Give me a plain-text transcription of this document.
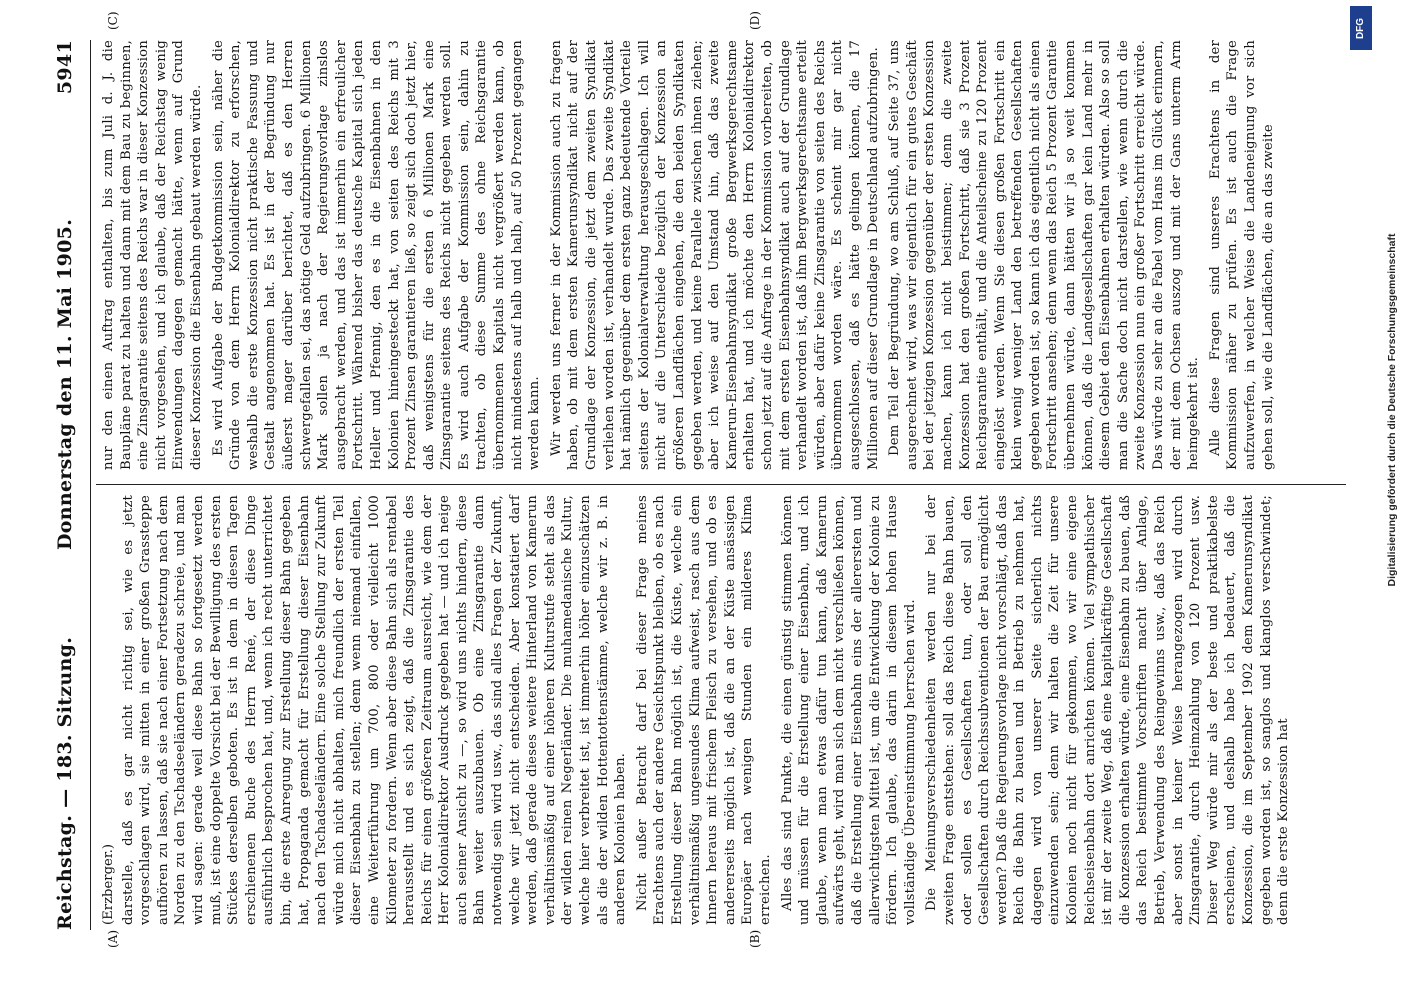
Reichstag. — 183. Sitzung.
Donnerstag den 11. Mai 1905.
5941
(A)	(B)
(C)	(D)
(Erzberger.) darstelle, daß es gar nicht richtig sei, wie es jetzt vorgeschlagen wird, sie mitten in einer großen Grassteppe aufhören zu lassen, daß sie nach einer Fortsetzung nach dem Norden zu den Tschadseeländern geradezu schreie, und man wird sagen: gerade weil diese Bahn so fortgesetzt werden muß, ist eine doppelte Vorsicht bei der Bewilligung des ersten Stückes derselben geboten. Es ist in dem in diesen Tagen erschienenen Buche des Herrn René, der diese Dinge ausführlich besprochen hat, und, wenn ich recht unterrichtet bin, die erste Anregung zur Erstellung dieser Bahn gegeben hat, Propaganda gemacht für Erstellung dieser Eisenbahn nach den Tschadseeländern. Eine solche Stellung zur Zukunft würde mich nicht abhalten, mich freundlich der ersten Teil dieser Eisenbahn zu stellen; denn wenn niemand einfallen, eine Weiterführung um 700, 800 oder vielleicht 1000 Kilometer zu fordern. Wenn aber diese Bahn sich als rentabel herausstellt und es sich zeigt, daß die Zinsgarantie des Reichs für einen größeren Zeitraum ausreicht, wie dem der Herr Kolonialdirektor Ausdruck gegeben hat — und ich neige auch seiner Ansicht zu —, so wird uns nichts hindern, diese Bahn weiter auszubauen. Ob eine Zinsgarantie dann notwendig sein wird usw., das sind alles Fragen der Zukunft, welche wir jetzt nicht entscheiden. Aber konstatiert darf werden, daß gerade dieses weitere Hinterland von Kamerun verhältnismäßig auf einer höheren Kulturstufe steht als das der wilden reinen Negerländer. Die muhamedanische Kultur, welche hier verbreitet ist, ist immerhin höher einzuschätzen als die der wilden Hottentottenstämme, welche wir z. B. in anderen Kolonien haben. Nicht außer Betracht darf bei dieser Frage meines Erachtens auch der andere Gesichtspunkt bleiben, ob es nach Erstellung dieser Bahn möglich ist, die Küste, welche ein verhältnismäßig ungesundes Klima aufweist, rasch aus dem Innern heraus mit frischem Fleisch zu versehen, und ob es andererseits möglich ist, daß die an der Küste ansässigen Europäer nach wenigen Stunden ein milderes Klima erreichen. Alles das sind Punkte, die einen günstig stimmen können und müssen für die Erstellung einer Eisenbahn, und ich glaube, wenn man etwas dafür tun kann, daß Kamerun aufwärts geht, wird man sich dem nicht verschließen können, daß die Erstellung einer Eisenbahn eins der allerersten und allerwichtigsten Mittel ist, um die Entwicklung der Kolonie zu fördern. Ich glaube, das darin in diesem hohen Hause vollständige Übereinstimmung herrschen wird. Die Meinungsverschiedenheiten werden nur bei der zweiten Frage entstehen: soll das Reich diese Bahn bauen, oder sollen es Gesellschaften tun, oder soll den Gesellschaften durch Reichssubventionen der Bau ermöglicht werden? Daß die Regierungsvorlage nicht vorschlägt, daß das Reich die Bahn zu bauen und in Betrieb zu nehmen hat, dagegen wird von unserer Seite sicherlich nichts einzuwenden sein; denn wir halten die Zeit für unsere Kolonien noch nicht für gekommen, wo wir eine eigene Reichseisenbahn dort anrichten können. Viel sympathischer ist mir der zweite Weg, daß eine kapitalkräftige Gesellschaft die Konzession erhalten würde, eine Eisenbahn zu bauen, daß das Reich bestimmte Vorschriften macht über Anlage, Betrieb, Verwendung des Reingewinns usw., daß das Reich aber sonst in keiner Weise herangezogen wird durch Zinsgarantie, durch Heimzahlung von 120 Prozent usw. Dieser Weg würde mir als der beste und praktikabelste erscheinen, und deshalb habe ich bedauert, daß die Konzession, die im September 1902 dem Kamerunsyndikat gegeben worden ist, so sanglos und klanglos verschwindet; denn die erste Konzession hat

nur den einen Auftrag enthalten, bis zum Juli d. J. die Baupläne parat zu halten und dann mit dem Bau zu beginnen, eine Zinsgarantie seitens des Reichs war in dieser Konzession nicht vorgesehen, und ich glaube, daß der Reichstag wenig Einwendungen dagegen gemacht hätte, wenn auf Grund dieser Konzession die Eisenbahn gebaut werden würde. Es wird Aufgabe der Budgetkommission sein, näher die Gründe von dem Herrn Kolonialdirektor zu erforschen, weshalb die erste Konzession nicht praktische Fassung und Gestalt angenommen hat. Es ist in der Begründung nur äußerst mager darüber berichtet, daß es den Herren schwergefallen sei, das nötige Geld aufzubringen. 6 Millionen Mark sollen ja nach der Regierungsvorlage zinslos ausgebracht werden, und das ist immerhin ein erfreulicher Fortschritt. Während bisher das deutsche Kapital sich jeden Heller und Pfennig, den es in die Eisenbahnen in den Kolonien hineingesteckt hat, von seiten des Reichs mit 3 Prozent Zinsen garantieren ließ, so zeigt sich doch jetzt hier, daß wenigstens für die ersten 6 Millionen Mark eine Zinsgarantie seitens des Reichs nicht gegeben werden soll. Es wird auch Aufgabe der Kommission sein, dahin zu trachten, ob diese Summe des ohne Reichsgarantie übernommenen Kapitals nicht vergrößert werden kann, ob nicht mindestens auf halb und halb, auf 50 Prozent gegangen werden kann. Wir werden uns ferner in der Kommission auch zu fragen haben, ob mit dem ersten Kamerunsyndikat nicht auf der Grundlage der Konzession, die jetzt dem zweiten Syndikat verliehen worden ist, verhandelt wurde. Das zweite Syndikat hat nämlich gegenüber dem ersten ganz bedeutende Vorteile seitens der Kolonialverwaltung herausgeschlagen. Ich will nicht auf die Unterschiede bezüglich der Konzession an größeren Landflächen eingehen, die den beiden Syndikaten gegeben werden, und keine Parallele zwischen ihnen ziehen; aber ich weise auf den Umstand hin, daß das zweite Kamerun-Eisenbahnsyndikat große Bergwerksgerechtsame erhalten hat, und ich möchte den Herrn Kolonialdirektor schon jetzt auf die Anfrage in der Kommission vorbereiten, ob mit dem ersten Eisenbahnsyndikat auch auf der Grundlage verhandelt worden ist, daß ihm Bergwerksgerechtsame erteilt würden, aber dafür keine Zinsgarantie von seiten des Reichs übernommen worden wäre. Es scheint mir gar nicht ausgeschlossen, daß es hätte gelingen können, die 17 Millionen auf dieser Grundlage in Deutschland aufzubringen. Dem Teil der Begründung, wo am Schluß, auf Seite 37, uns ausgerechnet wird, was wir eigentlich für ein gutes Geschäft bei der jetzigen Konzession gegenüber der ersten Konzession machen, kann ich nicht beistimmen; denn die zweite Konzession hat den großen Fortschritt, daß sie 3 Prozent Reichsgarantie enthält, und die Anteilscheine zu 120 Prozent eingelöst werden. Wenn Sie diesen großen Fortschritt ein klein wenig weniger Land den betreffenden Gesellschaften gegeben worden ist, so kann ich das eigentlich nicht als einen Fortschritt ansehen; denn wenn das Reich 5 Prozent Garantie übernehmen würde, dann hätten wir ja so weit kommen können, daß die Landgesellschaften gar kein Land mehr in diesem Gebiet den Eisenbahnen erhalten würden. Also so soll man die Sache doch nicht darstellen, wie wenn durch die zweite Konzession nun ein großer Fortschritt erreicht würde. Das würde zu sehr an die Fabel vom Hans im Glück erinnern, der mit dem Ochsen auszog und mit der Gans unterm Arm heimgekehrt ist. Alle diese Fragen sind unseres Erachtens in der Kommission näher zu prüfen. Es ist auch die Frage aufzuwerfen, in welcher Weise die Landeneignung vor sich gehen soll, wie die Landflächen, die an das zweite

DFG
Digitalisierung gefördert durch die Deutsche Forschungsgemeinschaft
